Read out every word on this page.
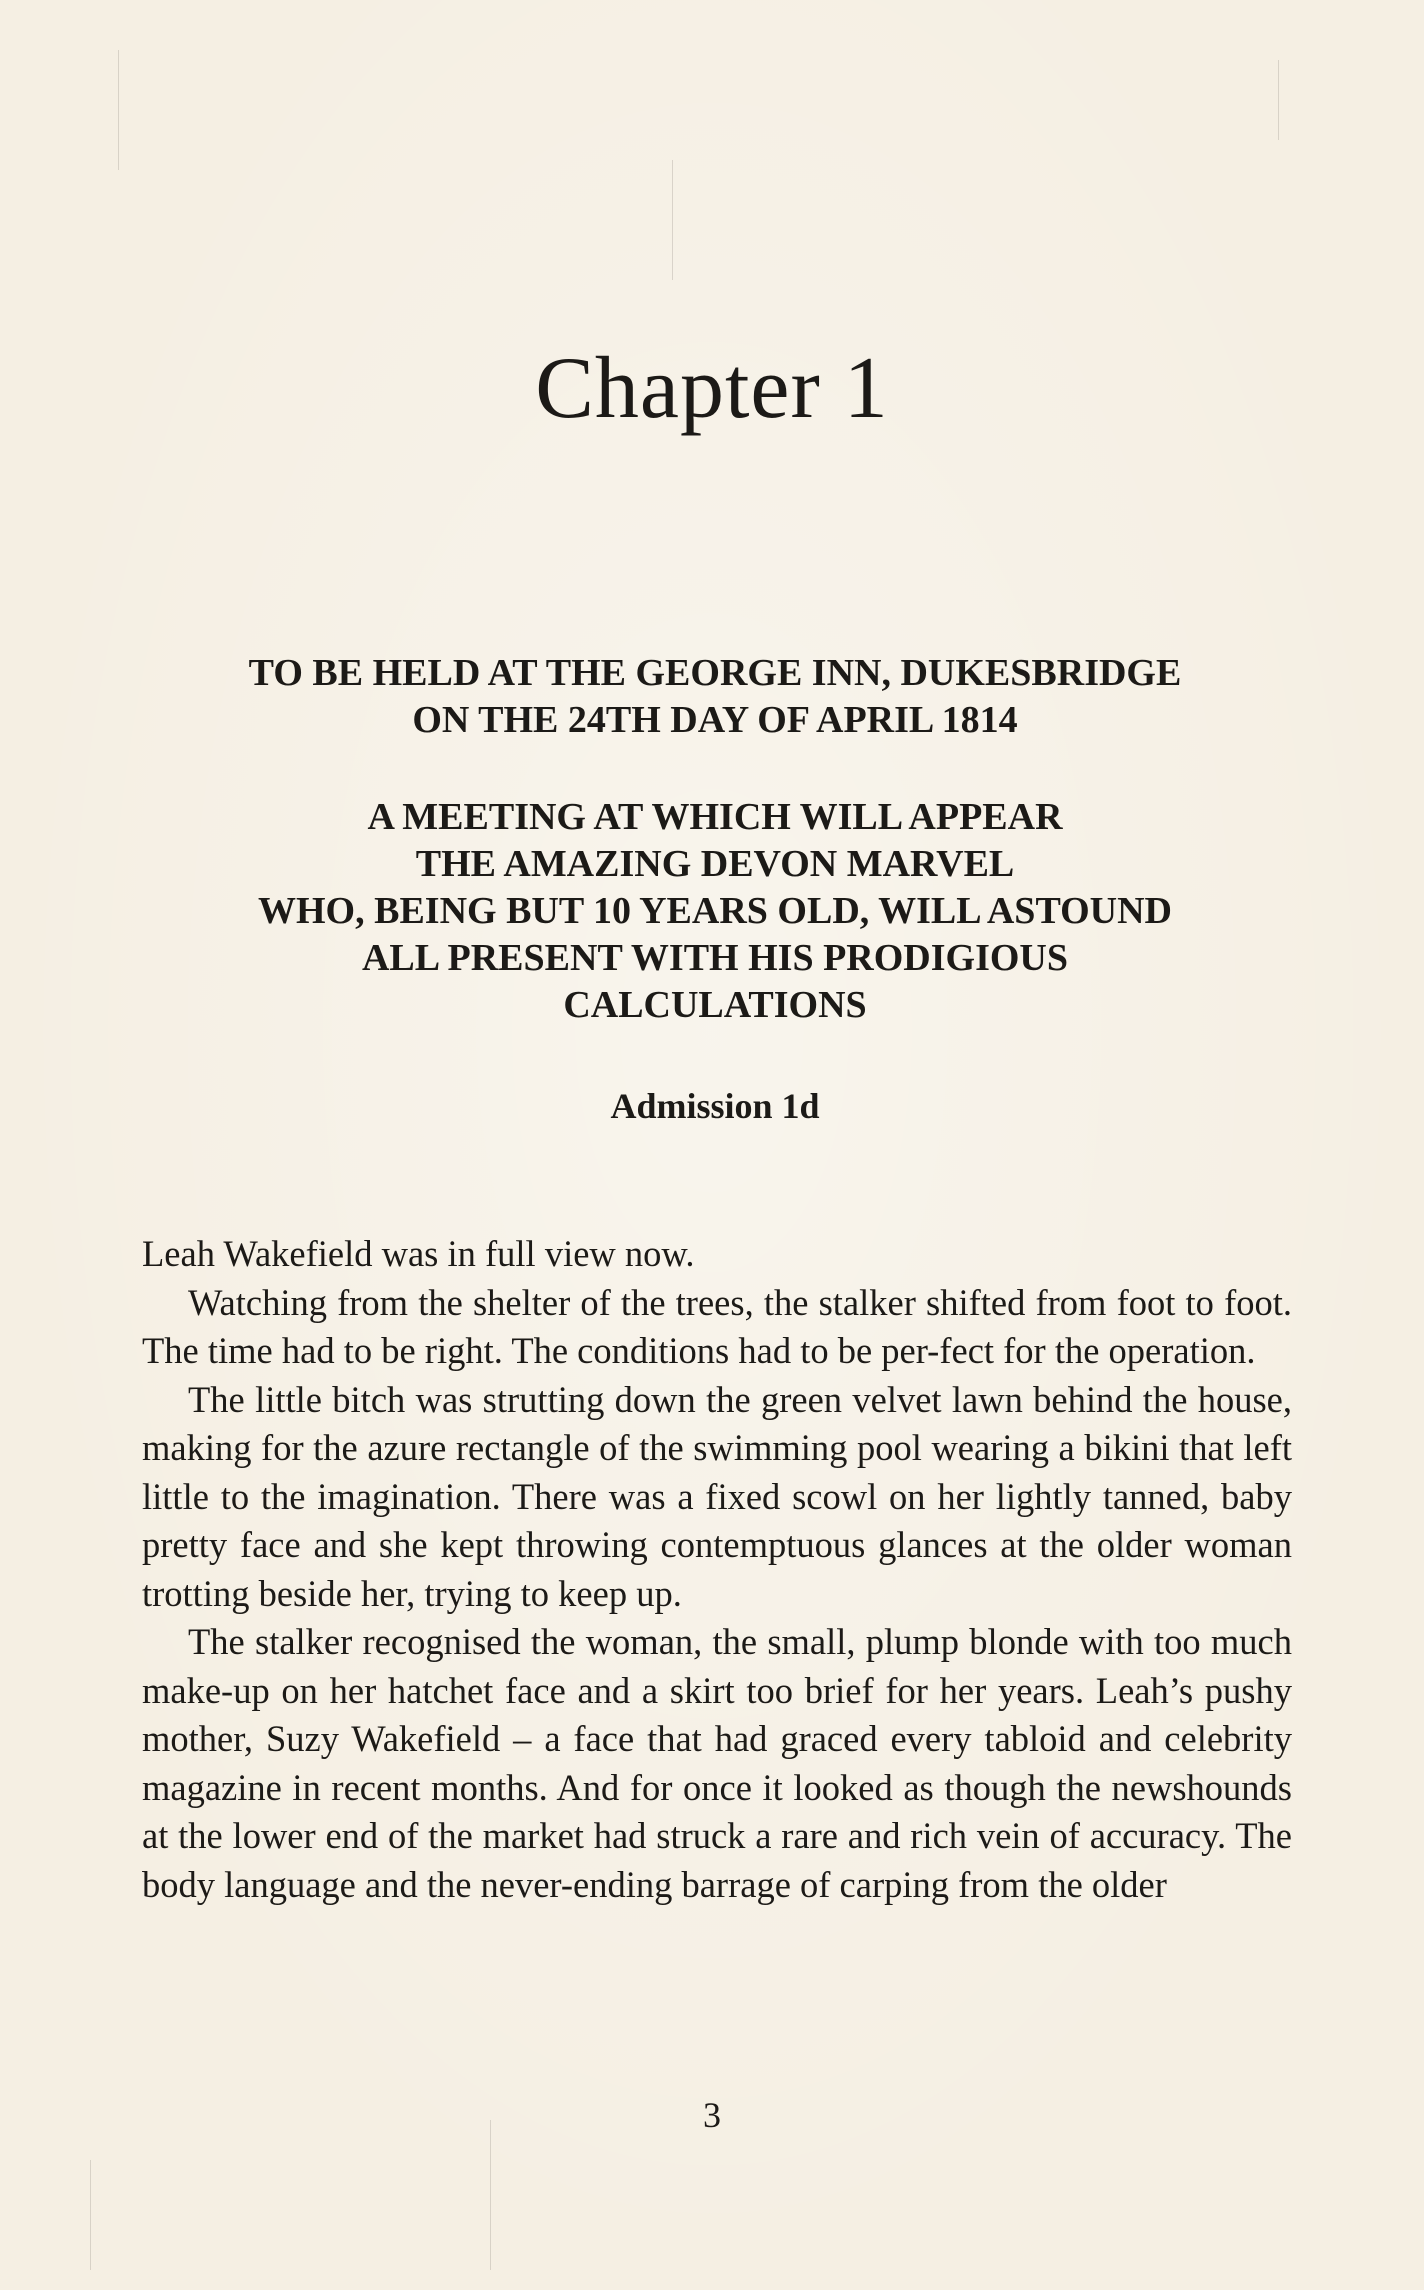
Chapter 1
TO BE HELD AT THE GEORGE INN, DUKESBRIDGE
ON THE 24TH DAY OF APRIL 1814
A MEETING AT WHICH WILL APPEAR
THE AMAZING DEVON MARVEL
WHO, BEING BUT 10 YEARS OLD, WILL ASTOUND
ALL PRESENT WITH HIS PRODIGIOUS
CALCULATIONS

Admission 1d

Leah Wakefield was in full view now.

Watching from the shelter of the trees, the stalker shifted from foot to foot. The time had to be right. The conditions had to be per-fect for the operation.

The little bitch was strutting down the green velvet lawn behind the house, making for the azure rectangle of the swimming pool wearing a bikini that left little to the imagination. There was a fixed scowl on her lightly tanned, baby pretty face and she kept throwing contemptuous glances at the older woman trotting beside her, trying to keep up.

The stalker recognised the woman, the small, plump blonde with too much make-up on her hatchet face and a skirt too brief for her years. Leah’s pushy mother, Suzy Wakefield – a face that had graced every tabloid and celebrity magazine in recent months. And for once it looked as though the newshounds at the lower end of the market had struck a rare and rich vein of accuracy. The body language and the never-ending barrage of carping from the older

3
